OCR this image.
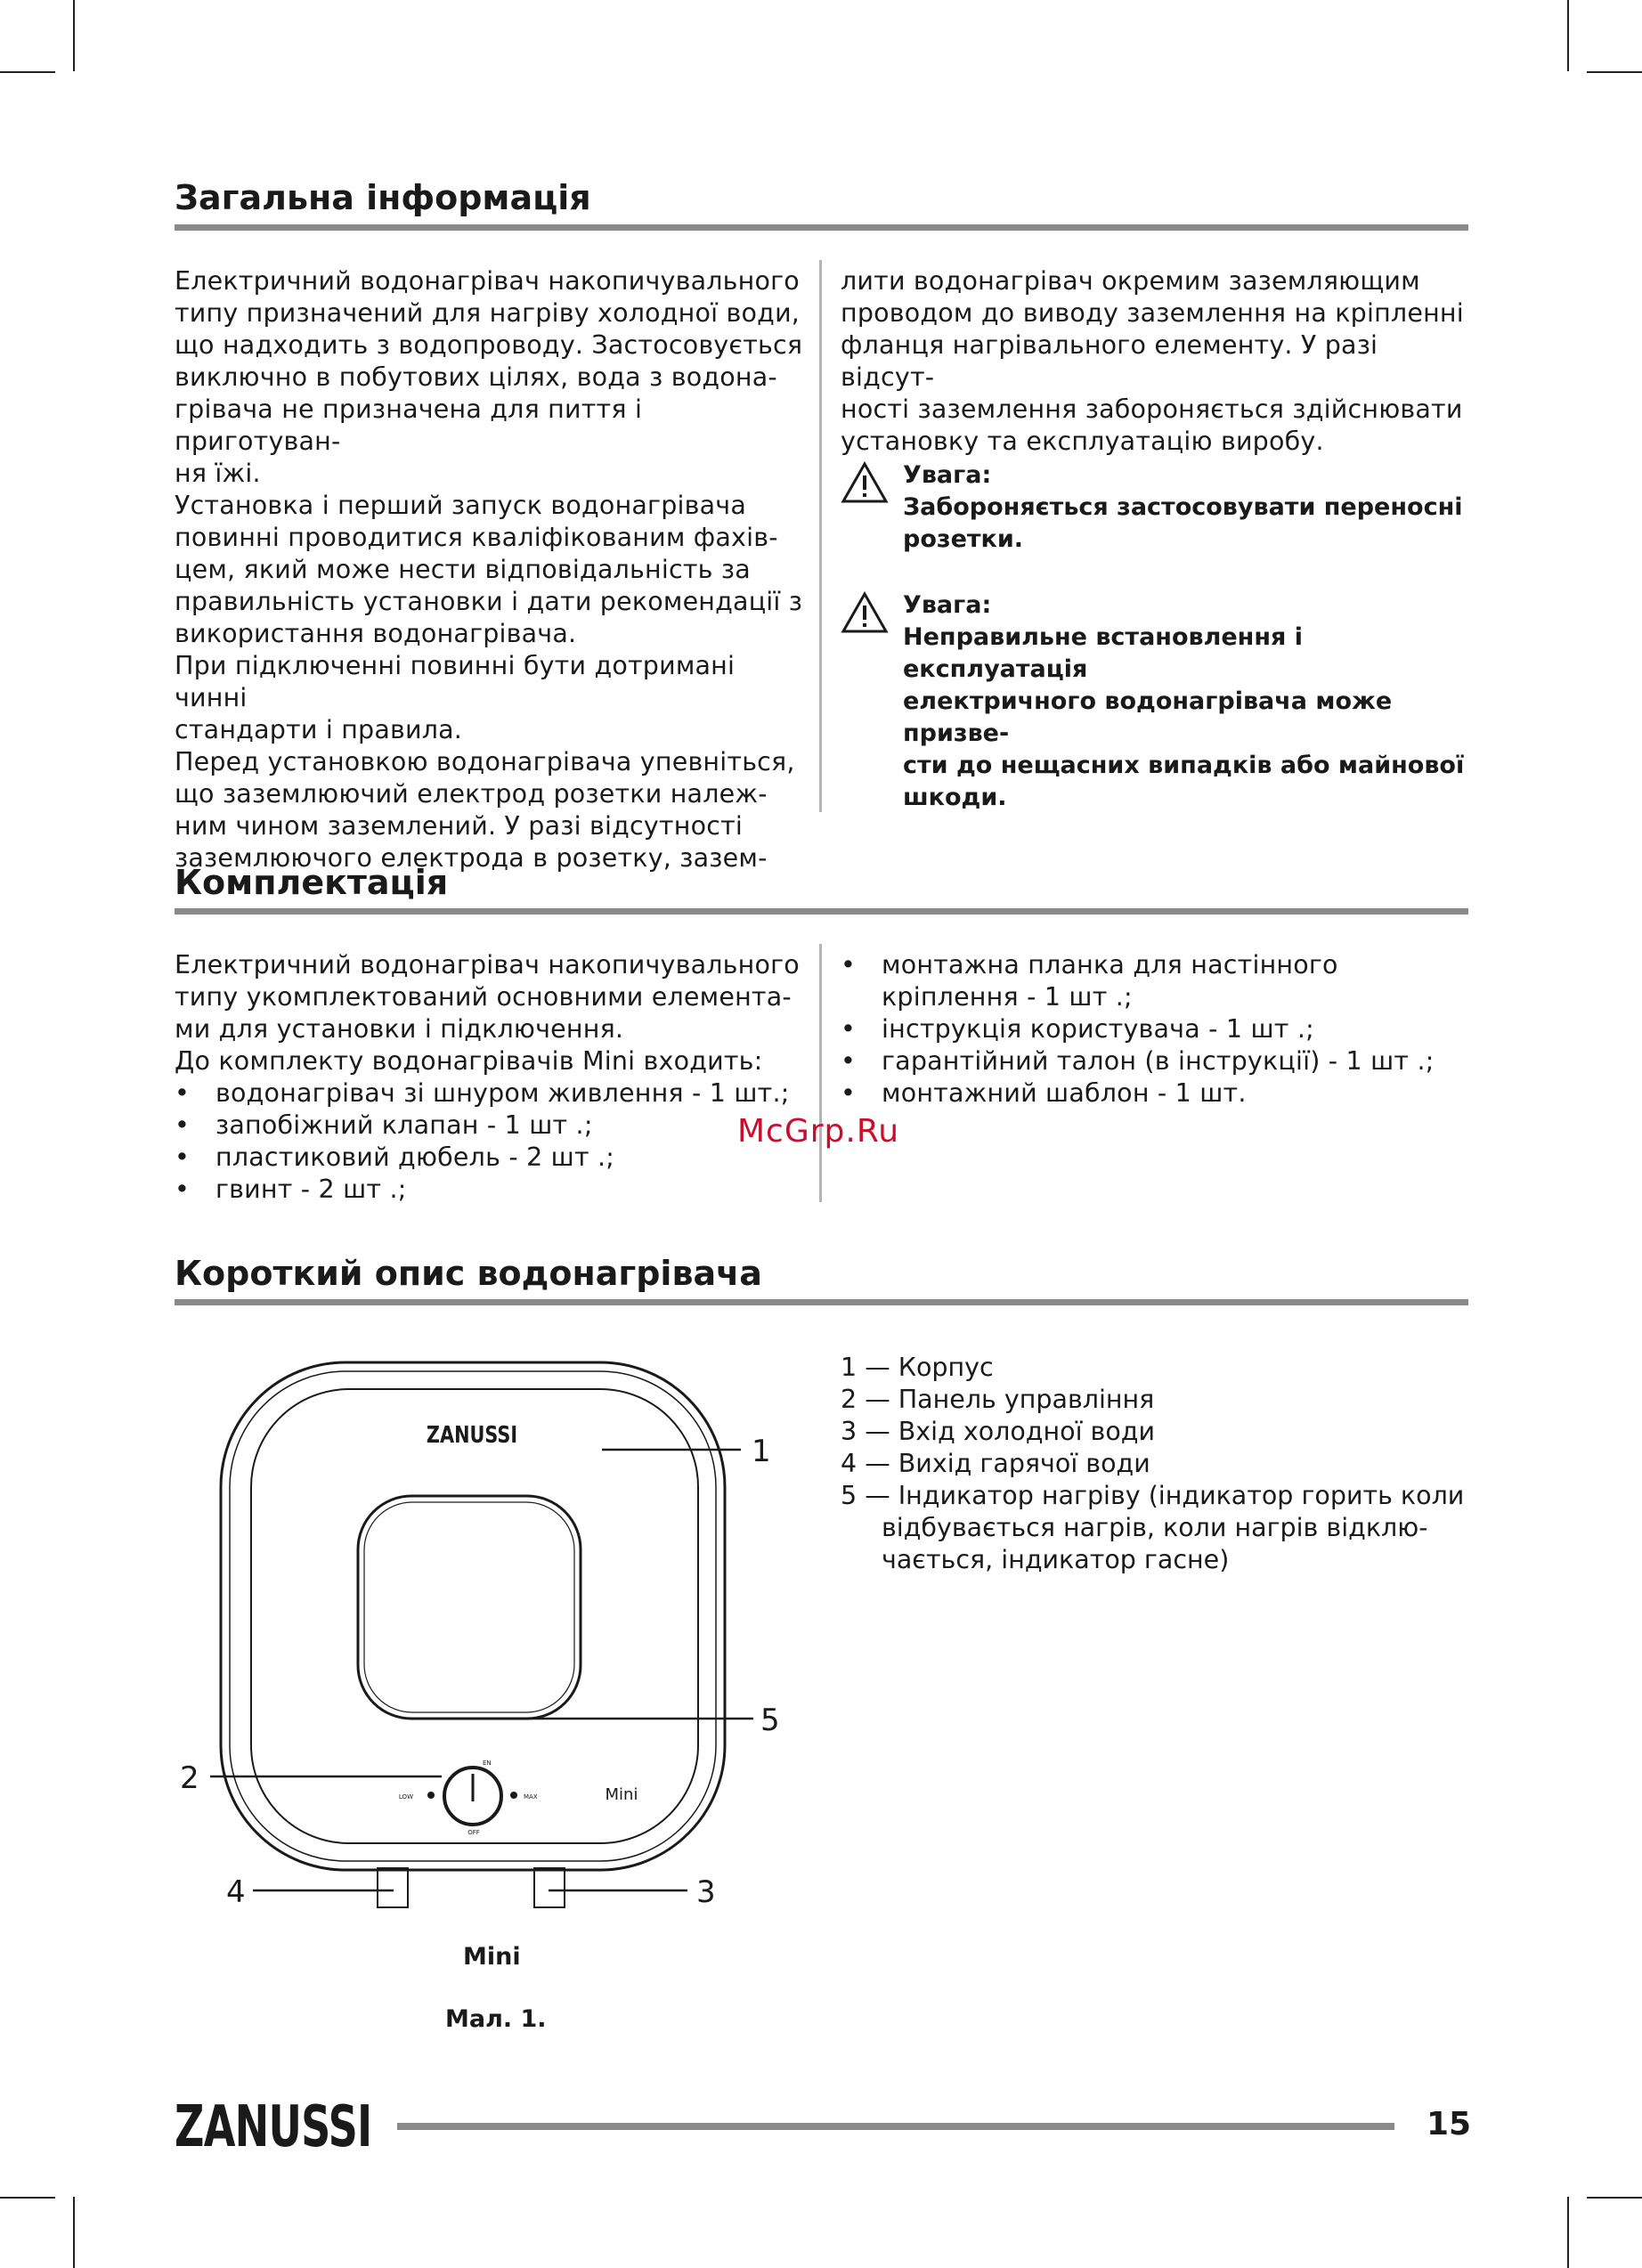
Загальна інформація

Електричний водонагрівач накопичувального

типу призначений для нагріву холодної води,

що надходить з водопроводу. Застосовується

виключно в побутових цілях, вода з водона-

грівача не призначена для пиття і приготуван-

ня їжі.

Установка і перший запуск водонагрівача

повинні проводитися кваліфікованим фахів-

цем, який може нести відповідальність за

правильність установки і дати рекомендації з

використання водонагрівача.

При підключенні повинні бути дотримані чинні

стандарти і правила.

Перед установкою водонагрівача упевніться,

що заземлюючий електрод розетки належ-

ним чином заземлений. У разі відсутності

заземлюючого електрода в розетку, зазем-

лити водонагрівач окремим заземляющим

проводом до виводу заземлення на кріпленні

фланця нагрівального елементу. У разі відсут-

ності заземлення забороняється здійснювати

установку та експлуатацію виробу.

Увага:

Забороняється застосовувати переносні

розетки.

Увага:

Неправильне встановлення і експлуатація

електричного водонагрівача може призве-

сти до нещасних випадків або майнової

шкоди.

Комплектація

Електричний водонагрівач накопичувального

типу укомплектований основними елемента-

ми для установки і підключення.

До комплекту водонагрівачів Mini входить:

• водонагрівач зі шнуром живлення - 1 шт.;
• запобіжний клапан - 1 шт .;
• пластиковий дюбель - 2 шт .;
• гвинт - 2 шт .;
• монтажна планка для настінного
кріплення - 1 шт .;
• інструкція користувача - 1 шт .;
• гарантійний талон (в інструкції) - 1 шт .;
• монтажний шаблон - 1 шт.
McGrp.Ru
Короткий опис водонагрівача
ZANUSSI
Mini
EN
LOW	MAX
OFF
1
5
2
4	3
Mini
Мал. 1.

1 — Корпус

2 — Панель управління

3 — Вхід холодної води

4 — Вихід гарячої води

5 — Індикатор нагріву (індикатор горить коли

відбувається нагрів, коли нагрів відклю-

чається, індикатор гасне)

ZANUSSI	15
